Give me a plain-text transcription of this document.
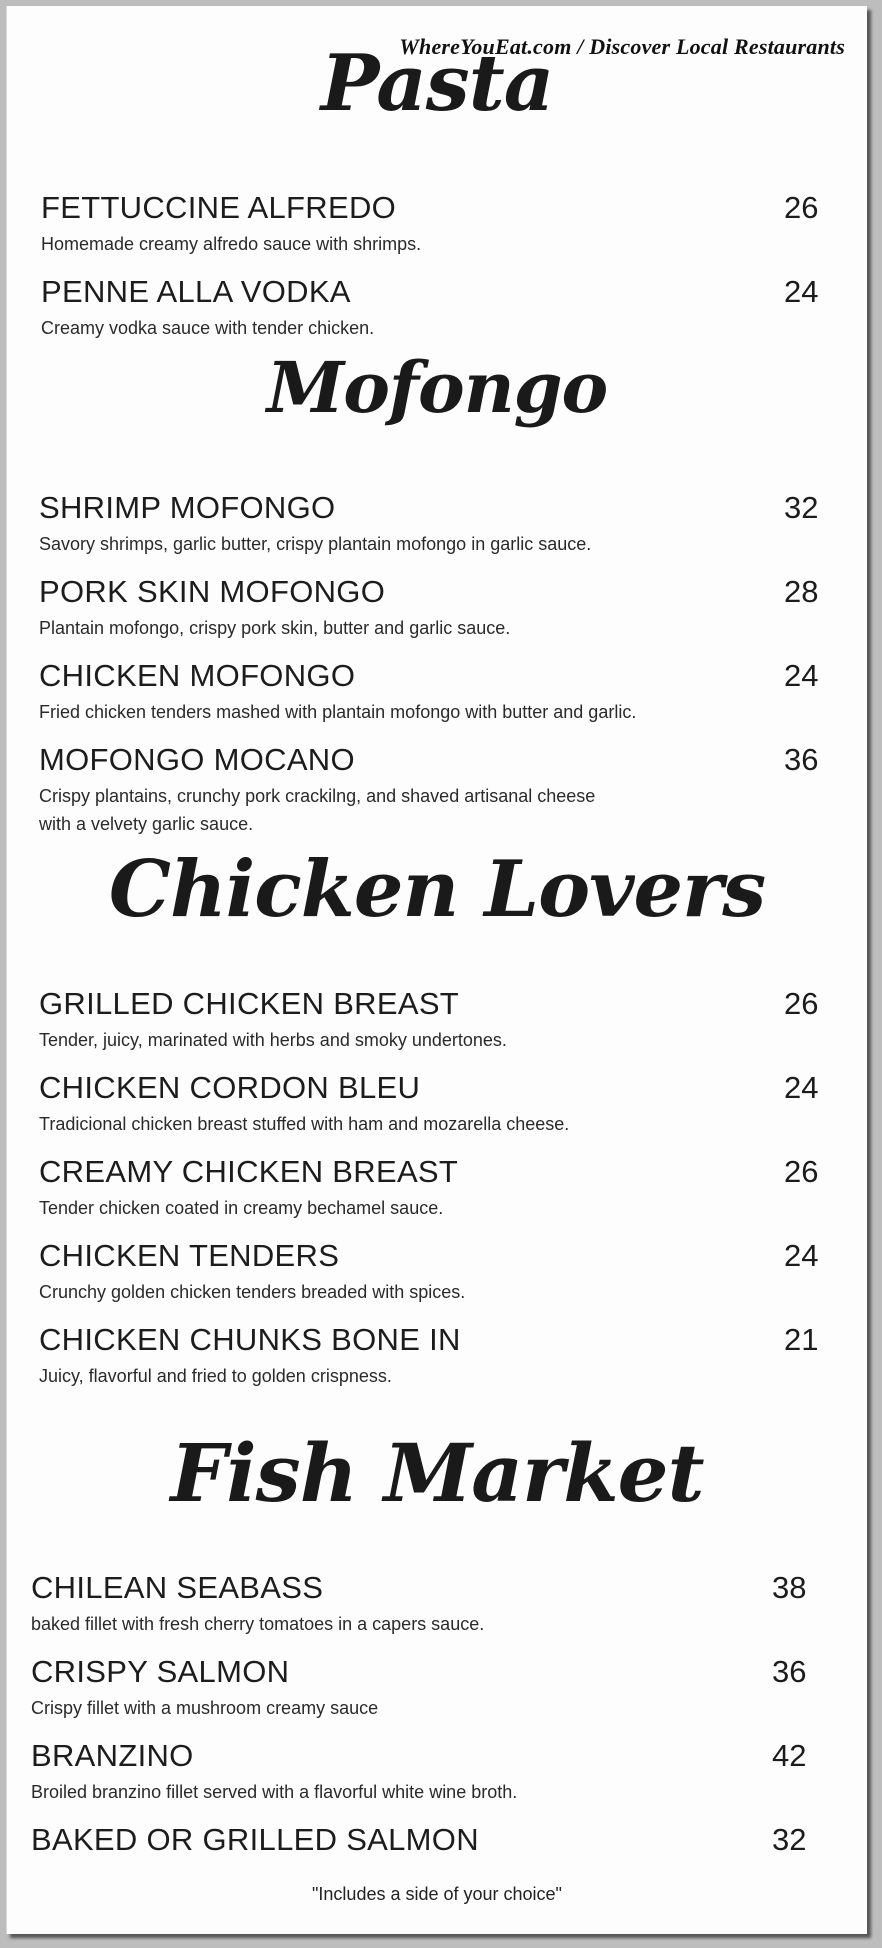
WhereYouEat.com / Discover Local Restaurants
Pasta
FETTUCCINE ALFREDO	26
Homemade creamy alfredo sauce with shrimps.
PENNE ALLA VODKA	24
Creamy vodka sauce with tender chicken.
Mofongo
SHRIMP MOFONGO	32
Savory shrimps, garlic butter, crispy plantain mofongo in garlic sauce.
PORK SKIN MOFONGO	28
Plantain mofongo, crispy pork skin, butter and garlic sauce.
CHICKEN MOFONGO	24
Fried chicken tenders mashed with plantain mofongo with butter and garlic.
MOFONGO MOCANO	36
Crispy plantains, crunchy pork crackilng, and shaved artisanal cheese
with a velvety garlic sauce.
Chicken Lovers
GRILLED CHICKEN BREAST	26
Tender, juicy, marinated with herbs and smoky undertones.
CHICKEN CORDON BLEU	24
Tradicional chicken breast stuffed with ham and mozarella cheese.
CREAMY CHICKEN BREAST	26
Tender chicken coated in creamy bechamel sauce.
CHICKEN TENDERS	24
Crunchy golden chicken tenders breaded with spices.
CHICKEN CHUNKS BONE IN	21
Juicy, flavorful and fried to golden crispness.
Fish Market
CHILEAN SEABASS	38
baked fillet with fresh cherry tomatoes in a capers sauce.
CRISPY SALMON	36
Crispy fillet with a mushroom creamy sauce
BRANZINO	42
Broiled branzino fillet served with a flavorful white wine broth.
BAKED OR GRILLED SALMON	32
"Includes a side of your choice"
